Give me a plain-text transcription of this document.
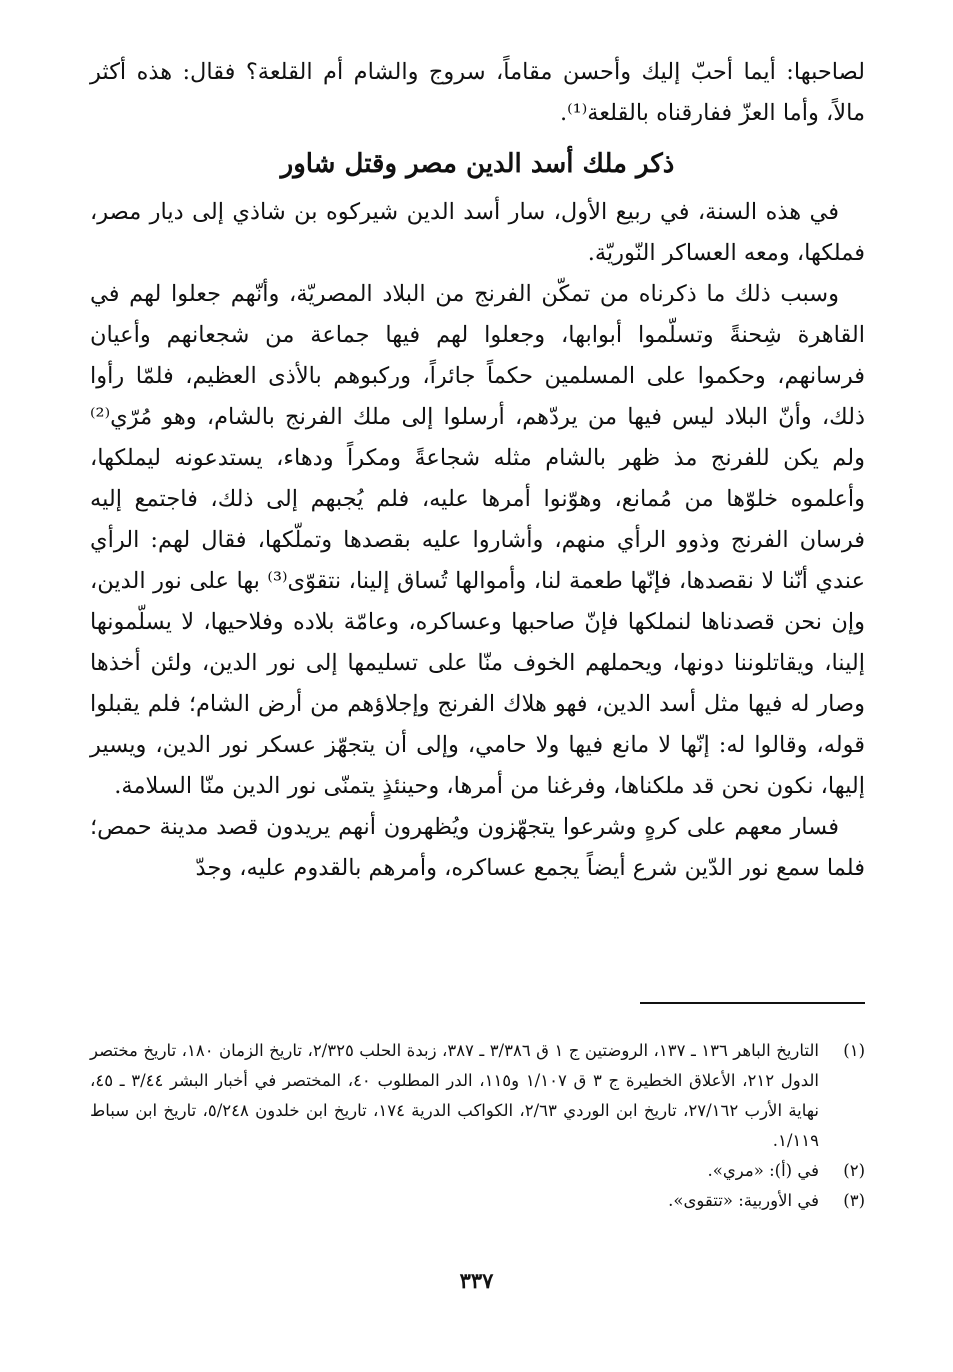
لصاحبها: أيما أحبّ إليك وأحسن مقاماً، سروج والشام أم القلعة؟ فقال: هذه أكثر مالاً، وأما العزّ ففارقناه بالقلعة⁽¹⁾.

ذكر ملك أسد الدين مصر وقتل شاور

في هذه السنة، في ربيع الأول، سار أسد الدين شيركوه بن شاذي إلى ديار مصر، فملكها، ومعه العساكر النّوريّة.

وسبب ذلك ما ذكرناه من تمكّن الفرنج من البلاد المصريّة، وأنّهم جعلوا لهم في القاهرة شِحنةً وتسلّموا أبوابها، وجعلوا لهم فيها جماعة من شجعانهم وأعيان فرسانهم، وحكموا على المسلمين حكماً جائراً، وركبوهم بالأذى العظيم، فلمّا رأوا ذلك، وأنّ البلاد ليس فيها من يردّهم، أرسلوا إلى ملك الفرنج بالشام، وهو مُرّي⁽²⁾ ولم يكن للفرنج مذ ظهر بالشام مثله شجاعةً ومكراً ودهاء، يستدعونه ليملكها، وأعلموه خلوّها من مُمانع، وهوّنوا أمرها عليه، فلم يُجبهم إلى ذلك، فاجتمع إليه فرسان الفرنج وذوو الرأي منهم، وأشاروا عليه بقصدها وتملّكها، فقال لهم: الرأي عندي أنّنا لا نقصدها، فإنّها طعمة لنا، وأموالها تُساق إلينا، نتقوّى⁽³⁾ بها على نور الدين، وإن نحن قصدناها لنملكها فإنّ صاحبها وعساكره، وعامّة بلاده وفلاحيها، لا يسلّمونها إلينا، ويقاتلوننا دونها، ويحملهم الخوف منّا على تسليمها إلى نور الدين، ولئن أخذها وصار له فيها مثل أسد الدين، فهو هلاك الفرنج وإجلاؤهم من أرض الشام؛ فلم يقبلوا قوله، وقالوا له: إنّها لا مانع فيها ولا حامي، وإلى أن يتجهّز عسكر نور الدين، ويسير إليها، نكون نحن قد ملكناها، وفرغنا من أمرها، وحينئذٍ يتمنّى نور الدين منّا السلامة.

فسار معهم على كرهٍ وشرعوا يتجهّزون ويُظهرون أنهم يريدون قصد مدينة حمص؛ فلما سمع نور الدّين شرع أيضاً يجمع عساكره، وأمرهم بالقدوم عليه، وجدّ

(١)
التاريخ الباهر ١٣٦ ـ ١٣٧، الروضتين ج ١ ق ٣/٣٨٦ ـ ٣٨٧، زبدة الحلب ٢/٣٢٥، تاريخ الزمان ١٨٠، تاريخ مختصر الدول ٢١٢، الأعلاق الخطيرة ج ٣ ق ١/١٠٧ و١١٥، الدر المطلوب ٤٠، المختصر في أخبار البشر ٣/٤٤ ـ ٤٥، نهاية الأرب ٢٧/١٦٢، تاريخ ابن الوردي ٢/٦٣، الكواكب الدرية ١٧٤، تاريخ ابن خلدون ٥/٢٤٨، تاريخ ابن سباط ١/١١٩.
(٢)
في (أ): «مري».
(٣)
في الأوربية: «تتقوى».
٣٣٧
